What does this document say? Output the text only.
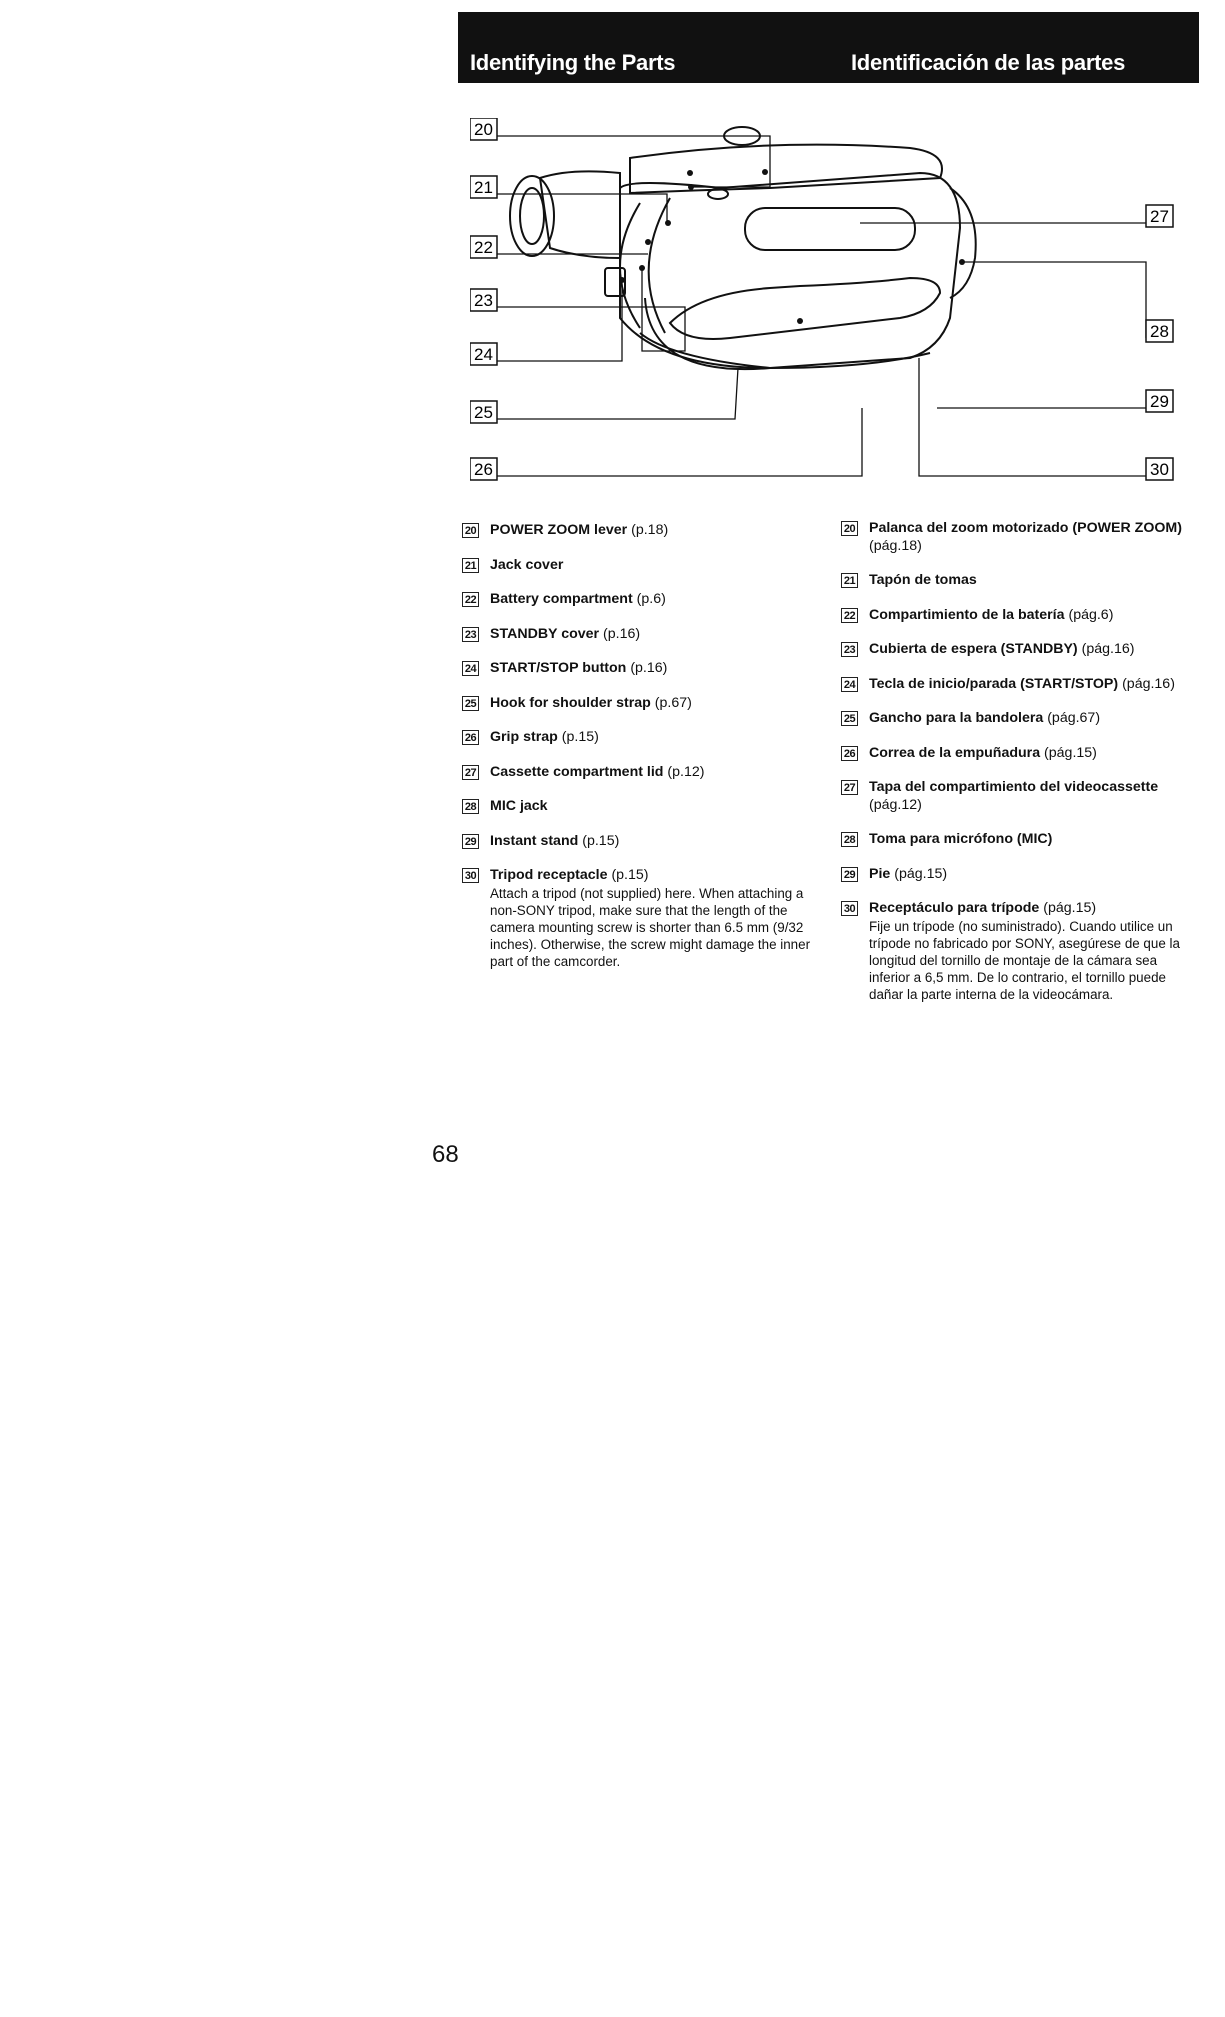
Identifying the Parts	Identificación de las partes
20
21
22
23
24
25
26
27
28
29
30
20 POWER ZOOM lever (p.18)
21 Jack cover
22 Battery compartment (p.6)
23 STANDBY cover (p.16)
24 START/STOP button (p.16)
25 Hook for shoulder strap (p.67)
26 Grip strap (p.15)
27 Cassette compartment lid (p.12)
28 MIC jack
29 Instant stand (p.15)
30 Tripod receptacle (p.15)
Attach a tripod (not supplied) here. When attaching a non-SONY tripod, make sure that the length of the camera mounting screw is shorter than 6.5 mm (9/32 inches). Otherwise, the screw might damage the inner part of the camcorder.
20 Palanca del zoom motorizado (POWER ZOOM) (pág.18)
21 Tapón de tomas
22 Compartimiento de la batería (pág.6)
23 Cubierta de espera (STANDBY) (pág.16)
24 Tecla de inicio/parada (START/STOP) (pág.16)
25 Gancho para la bandolera (pág.67)
26 Correa de la empuñadura (pág.15)
27 Tapa del compartimiento del videocassette (pág.12)
28 Toma para micrófono (MIC)
29 Pie (pág.15)
30 Receptáculo para trípode (pág.15)
Fije un trípode (no suministrado). Cuando utilice un trípode no fabricado por SONY, asegúrese de que la longitud del tornillo de montaje de la cámara sea inferior a 6,5 mm. De lo contrario, el tornillo puede dañar la parte interna de la videocámara.
68
